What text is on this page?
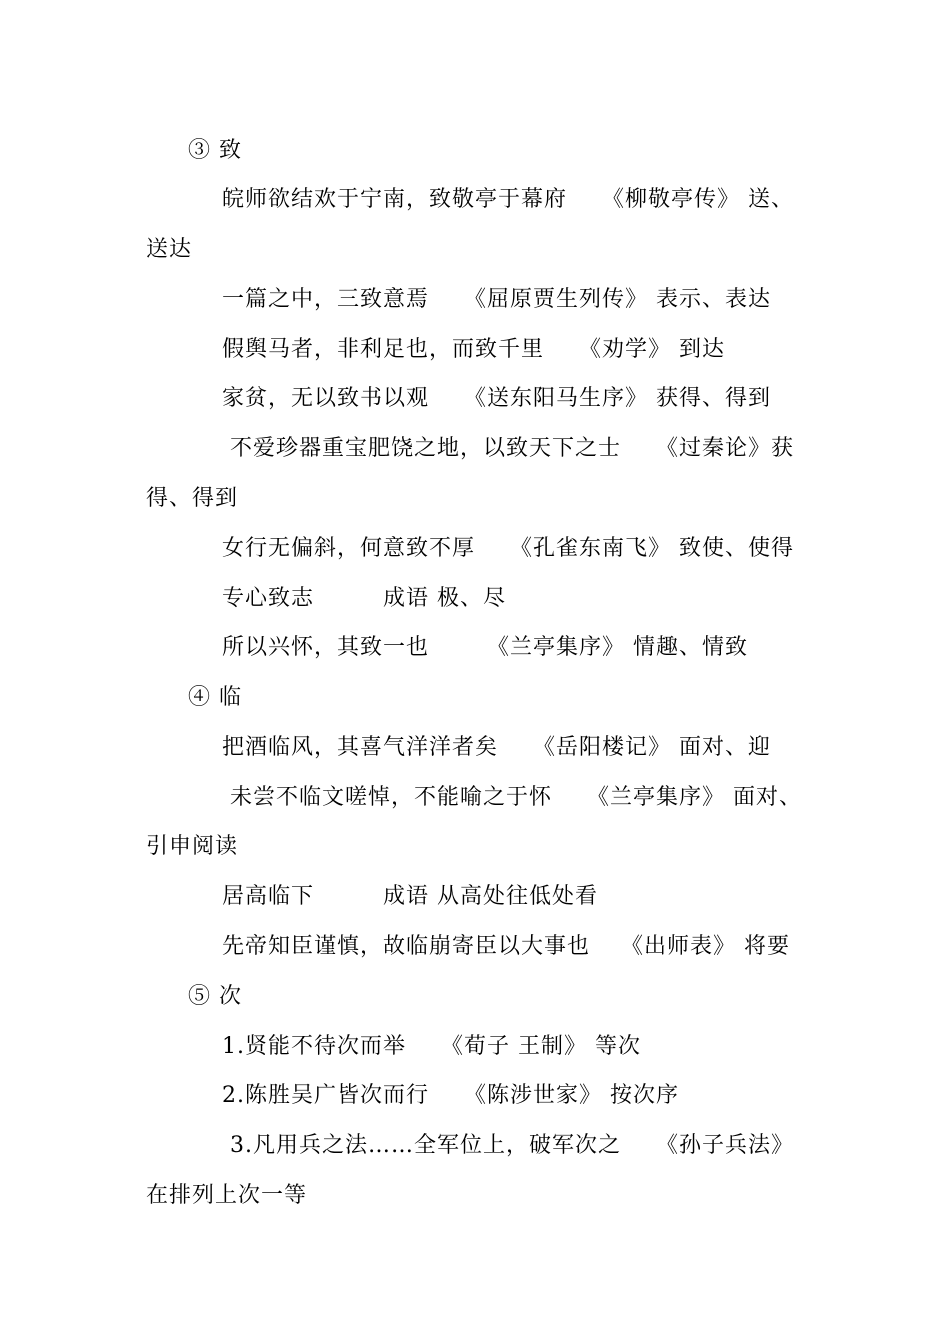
③ 致
皖师欲结欢于宁南，致敬亭于幕府　　《柳敬亭传》 送、
送达
一篇之中，三致意焉　　《屈原贾生列传》 表示、表达
假舆马者，非利足也，而致千里　　《劝学》 到达
家贫，无以致书以观　　《送东阳马生序》 获得、得到
不爱珍器重宝肥饶之地，以致天下之士　　《过秦论》获
得、得到
女行无偏斜，何意致不厚　　《孔雀东南飞》 致使、使得
专心致志　　　成语 极、尽
所以兴怀，其致一也　　　《兰亭集序》 情趣、情致
④ 临
把酒临风，其喜气洋洋者矣　　《岳阳楼记》 面对、迎
未尝不临文嗟悼，不能喻之于怀　　《兰亭集序》 面对、
引申阅读
居高临下　　　成语 从高处往低处看
先帝知臣谨慎，故临崩寄臣以大事也　 《出师表》 将要
⑤ 次
1.贤能不待次而举　　《荀子 王制》 等次
2.陈胜吴广皆次而行　　《陈涉世家》 按次序
3.凡用兵之法……全军位上，破军次之　　《孙子兵法》
在排列上次一等
